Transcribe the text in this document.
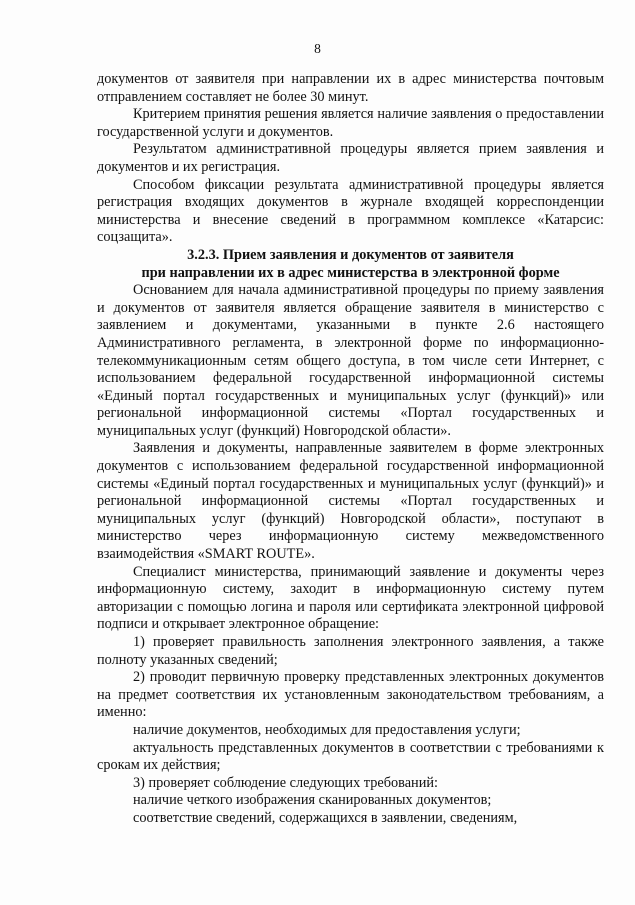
8

документов от заявителя при направлении их в адрес министерства почтовым отправлением составляет не более 30 минут.

Критерием принятия решения является наличие заявления о предоставлении государственной услуги и документов.

Результатом административной процедуры является прием заявления и документов и их регистрация.

Способом фиксации результата административной процедуры является регистрация входящих документов в журнале входящей корреспонденции министерства и внесение сведений в программном комплексе «Катарсис: соцзащита».

3.2.3. Прием заявления и документов от заявителя

при направлении их в адрес министерства в электронной форме

Основанием для начала административной процедуры по приему заявления и документов от заявителя является обращение заявителя в министерство с заявлением и документами, указанными в пункте 2.6 настоящего Административного регламента, в электронной форме по информационно-телекоммуникационным сетям общего доступа, в том числе сети Интернет, с использованием федеральной государственной информационной системы «Единый портал государственных и муниципальных услуг (функций)» или региональной информационной системы «Портал государственных и муниципальных услуг (функций) Новгородской области».

Заявления и документы, направленные заявителем в форме электронных документов с использованием федеральной государственной информационной системы «Единый портал государственных и муниципальных услуг (функций)» и региональной информационной системы «Портал государственных и муниципальных услуг (функций) Новгородской области», поступают в министерство через информационную систему межведомственного взаимодействия «SMART ROUTE».

Специалист министерства, принимающий заявление и документы через информационную систему, заходит в информационную систему путем авторизации с помощью логина и пароля или сертификата электронной цифровой подписи и открывает электронное обращение:

1) проверяет правильность заполнения электронного заявления, а также полноту указанных сведений;

2) проводит первичную проверку представленных электронных документов на предмет соответствия их установленным законодательством требованиям, а именно:

наличие документов, необходимых для предоставления услуги;

актуальность представленных документов в соответствии с требованиями к срокам их действия;

3) проверяет соблюдение следующих требований:

наличие четкого изображения сканированных документов;

соответствие сведений, содержащихся в заявлении, сведениям,
